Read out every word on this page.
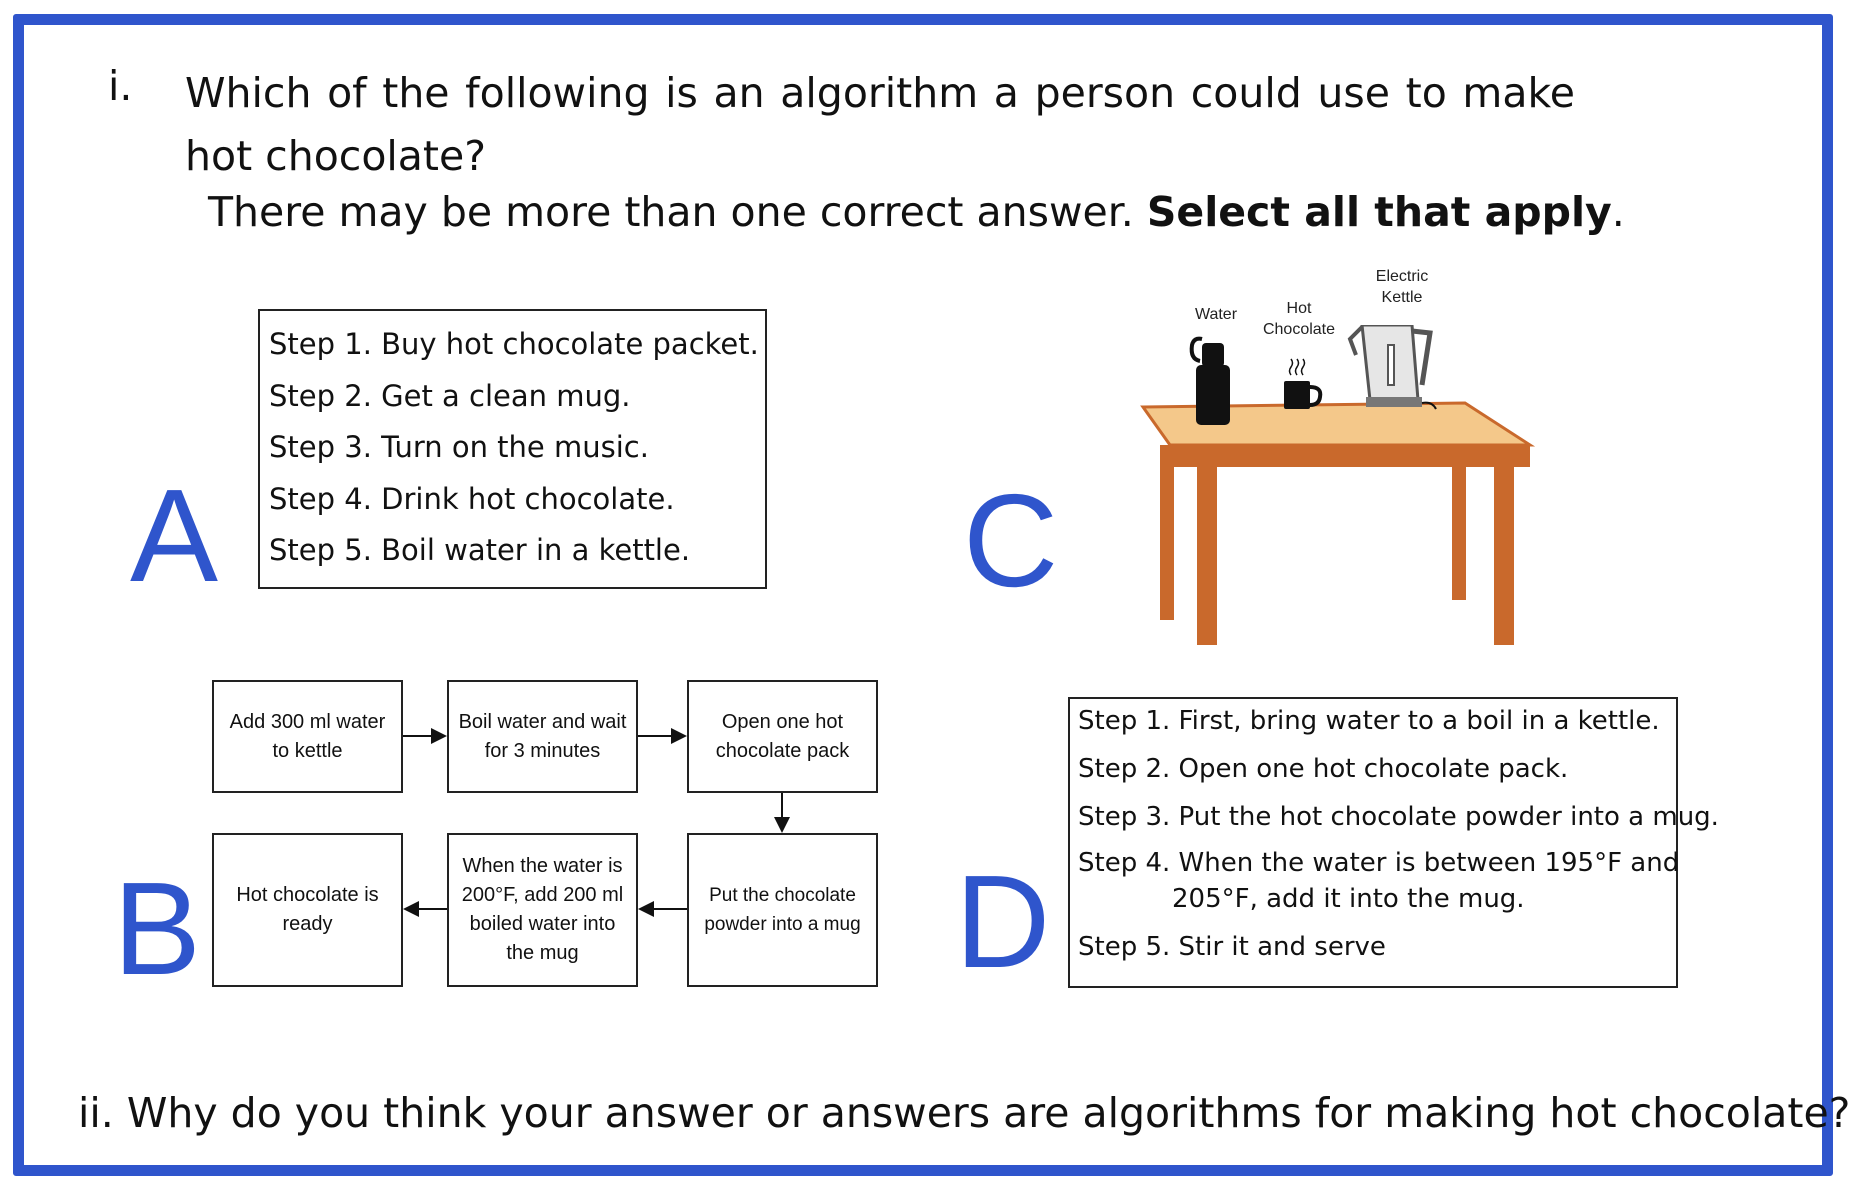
i. Which of the following is an algorithm a person could use to make hot chocolate?
There may be more than one correct answer. Select all that apply.
A
Step 1. Buy hot chocolate packet.
Step 2. Get a clean mug.
Step 3. Turn on the music.
Step 4. Drink hot chocolate.
Step 5. Boil water in a kettle.	C
Water	Hot
Chocolate
Electric
Kettle
B
Add 300 ml water
to kettle
Boil water and wait
for 3 minutes
Open one hot
chocolate pack
Put the chocolate
powder into a mug
When the water is
200°F, add 200 ml
boiled water into
the mug
Hot chocolate is
ready	D
Step 1. First, bring water to a boil in a kettle.
Step 2. Open one hot chocolate pack.
Step 3. Put the hot chocolate powder into a mug.
Step 4. When the water is between 195°F and
205°F, add it into the mug.
Step 5. Stir it and serve
ii. Why do you think your answer or answers are algorithms for making hot chocolate?
